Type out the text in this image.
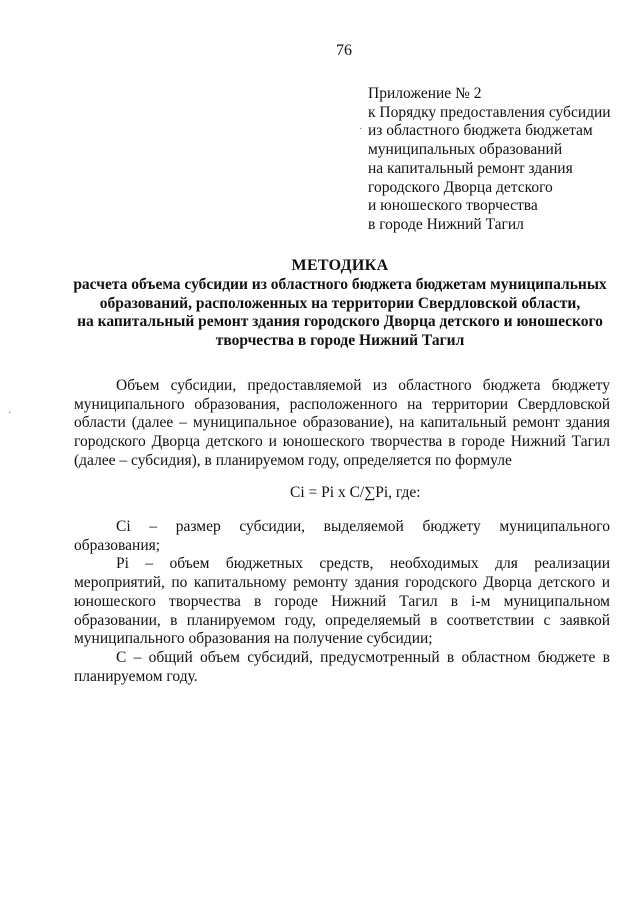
76
Приложение № 2
к Порядку предоставления субсидии
из областного бюджета бюджетам
муниципальных образований
на капитальный ремонт здания
городского Дворца детского
и юношеского творчества
в городе Нижний Тагил
·
·
МЕТОДИКА
расчета объема субсидии из областного бюджета бюджетам муниципальных
образований, расположенных на территории Свердловской области,
на капитальный ремонт здания городского Дворца детского и юношеского
творчества в городе Нижний Тагил

Объем субсидии, предоставляемой из областного бюджета бюджету муниципального образования, расположенного на территории Свердловской области (далее – муниципальное образование), на капитальный ремонт здания городского Дворца детского и юношеского творчества в городе Нижний Тагил (далее – субсидия), в планируемом году, определяется по формуле

Ci = Pi x C/∑Pi, где:

Ci – размер субсидии, выделяемой бюджету муниципального образования;

Pi – объем бюджетных средств, необходимых для реализации мероприятий, по капитальному ремонту здания городского Дворца детского и юношеского творчества в городе Нижний Тагил в i-м муниципальном образовании, в планируемом году, определяемый в соответствии с заявкой муниципального образования на получение субсидии;

C – общий объем субсидий, предусмотренный в областном бюджете в планируемом году.
